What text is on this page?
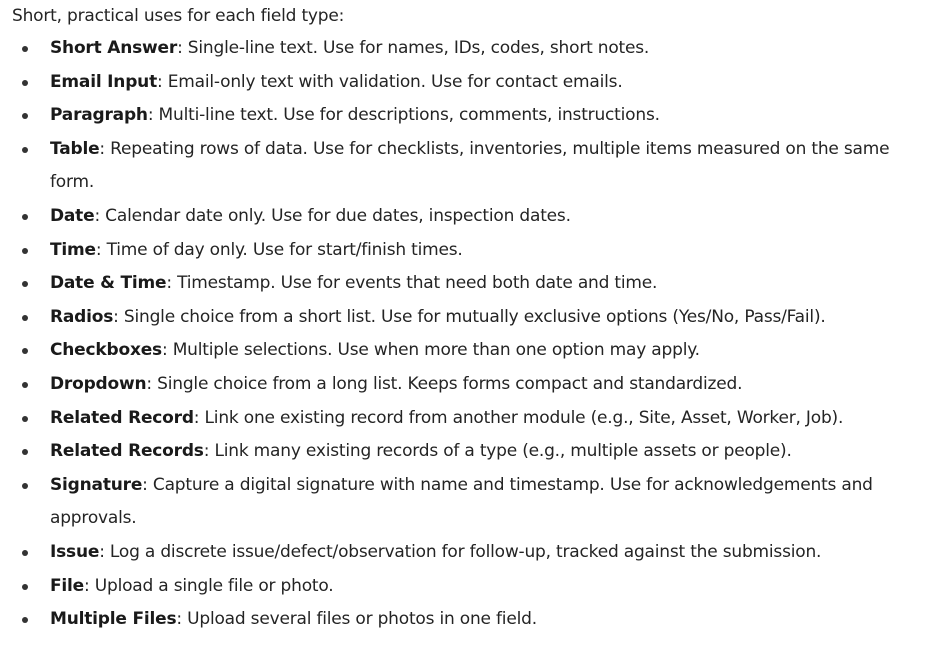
Short, practical uses for each field type:

Short Answer: Single-line text. Use for names, IDs, codes, short notes.
Email Input: Email-only text with validation. Use for contact emails.
Paragraph: Multi-line text. Use for descriptions, comments, instructions.
Table: Repeating rows of data. Use for checklists, inventories, multiple items measured on the same form.
Date: Calendar date only. Use for due dates, inspection dates.
Time: Time of day only. Use for start/finish times.
Date & Time: Timestamp. Use for events that need both date and time.
Radios: Single choice from a short list. Use for mutually exclusive options (Yes/No, Pass/Fail).
Checkboxes: Multiple selections. Use when more than one option may apply.
Dropdown: Single choice from a long list. Keeps forms compact and standardized.
Related Record: Link one existing record from another module (e.g., Site, Asset, Worker, Job).
Related Records: Link many existing records of a type (e.g., multiple assets or people).
Signature: Capture a digital signature with name and timestamp. Use for acknowledgements and approvals.
Issue: Log a discrete issue/defect/observation for follow-up, tracked against the submission.
File: Upload a single file or photo.
Multiple Files: Upload several files or photos in one field.
